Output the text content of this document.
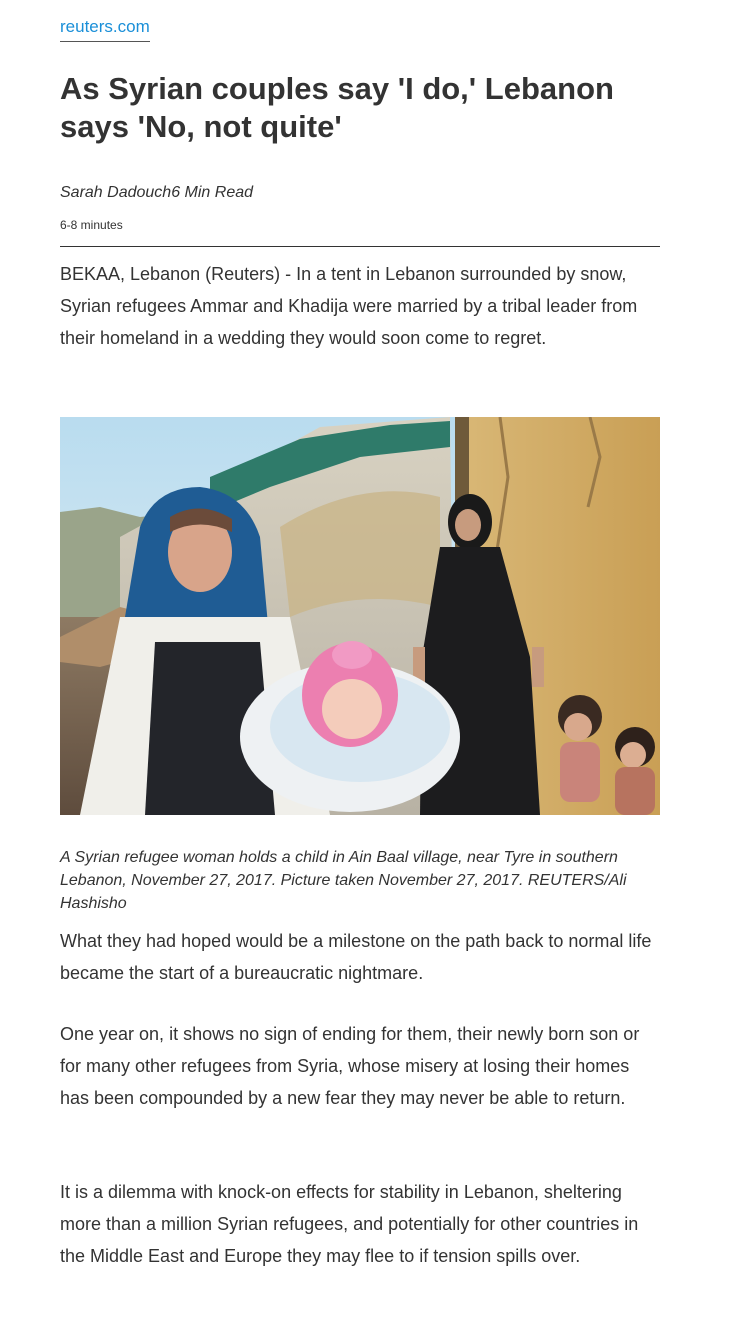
reuters.com
As Syrian couples say 'I do,' Lebanon says 'No, not quite'
Sarah Dadouch6 Min Read
6-8 minutes

BEKAA, Lebanon (Reuters) - In a tent in Lebanon surrounded by snow, Syrian refugees Ammar and Khadija were married by a tribal leader from their homeland in a wedding they would soon come to regret.

A Syrian refugee woman holds a child in Ain Baal village, near Tyre in southern Lebanon, November 27, 2017. Picture taken November 27, 2017. REUTERS/Ali Hashisho

What they had hoped would be a milestone on the path back to normal life became the start of a bureaucratic nightmare.

One year on, it shows no sign of ending for them, their newly born son or for many other refugees from Syria, whose misery at losing their homes has been compounded by a new fear they may never be able to return.

It is a dilemma with knock-on effects for stability in Lebanon, sheltering more than a million Syrian refugees, and potentially for other countries in the Middle East and Europe they may flee to if tension spills over.
